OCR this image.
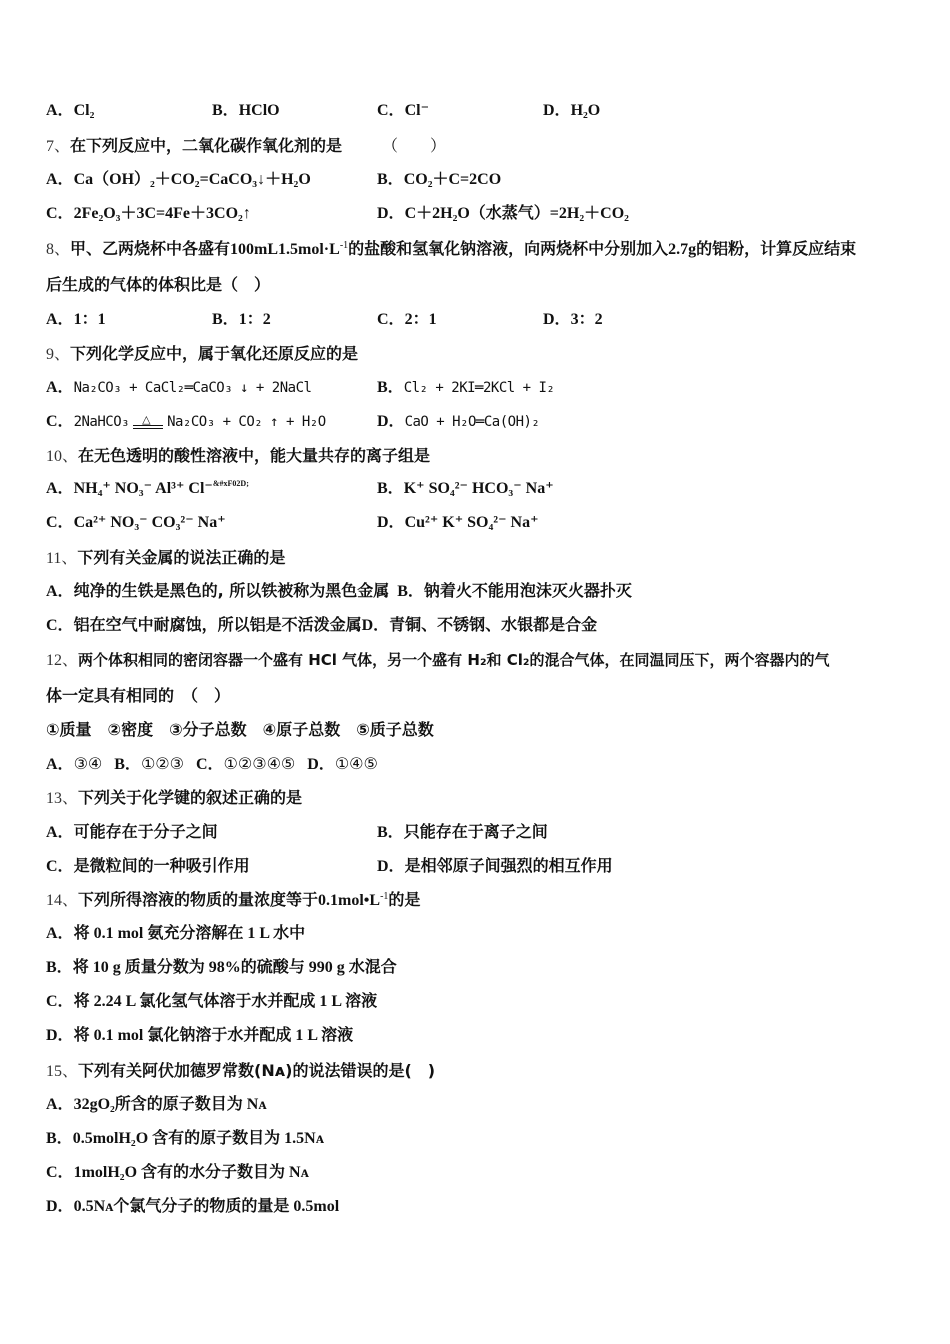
A．Cl₂	B．HClO	C．Cl⁻	D．H₂O
7、在下列反应中，二氧化碳作氧化剂的是	（　　）
A．Ca（OH）₂＋CO₂=CaCO₃↓＋H₂O	B．CO₂＋C=2CO
C．2Fe₂O₃＋3C=4Fe＋3CO₂↑	D．C＋2H₂O（水蒸气）=2H₂＋CO₂
8、甲、乙两烧杯中各盛有$100mL1.5mol\cdot L^{-1}$的盐酸和氢氧化钠溶液，向两烧杯中分别加入2.7g的铝粉，计算反应结束
后生成的气体的体积比是（　）
A．1：1	B．1：2	C．2：1	D．3：2
9、下列化学反应中，属于氧化还原反应的是
A．Na₂CO₃ + CaCl₂═CaCO₃ ↓ + 2NaCl	B．Cl₂ + 2KI═2KCl + I₂
C．2NaHCO₃ △ Na₂CO₃ + CO₂ ↑ + H₂O	D．CaO + H₂O═Ca(OH)₂
10、在无色透明的酸性溶液中，能大量共存的离子组是
A．NH₄⁺ NO₃⁻ Al³⁺ Cl⁻$^{\&\#xF02D;}$	B．K⁺ SO₄²⁻ HCO₃⁻ Na⁺
C．Ca²⁺ NO₃⁻ CO₃²⁻ Na⁺	D．Cu²⁺ K⁺ SO₄²⁻ Na⁺
11、下列有关金属的说法正确的是
A．纯净的生铁是黑色的, 所以铁被称为黑色金属 B．钠着火不能用泡沫灭火器扑灭
C．铝在空气中耐腐蚀，所以铝是不活泼金属D．青铜、不锈钢、水银都是合金
12、两个体积相同的密闭容器一个盛有 HCl 气体，另一个盛有 H₂和 Cl₂的混合气体，在同温同压下，两个容器内的气
体一定具有相同的　（　）
①质量　②密度　③分子总数　④原子总数　⑤质子总数
A．③④ B．①②③ C．①②③④⑤ D．①④⑤
13、下列关于化学键的叙述正确的是
A．可能存在于分子之间	B．只能存在于离子之间
C．是微粒间的一种吸引作用	D．是相邻原子间强烈的相互作用
14、下列所得溶液的物质的量浓度等于$0.1mol•L^{-1}$的是
A．将 0.1 mol 氨充分溶解在 1 L 水中
B．将 10 g 质量分数为 98%的硫酸与 990 g 水混合
C．将 2.24 L 氯化氢气体溶于水并配成 1 L 溶液
D．将 0.1 mol 氯化钠溶于水并配成 1 L 溶液
15、下列有关阿伏加德罗常数(Nᴀ)的说法错误的是(　)
A．32gO₂所含的原子数目为 Nᴀ
B．0.5molH₂O 含有的原子数目为 1.5Nᴀ
C．1molH₂O 含有的水分子数目为 Nᴀ
D．0.5Nᴀ个氯气分子的物质的量是 0.5mol
